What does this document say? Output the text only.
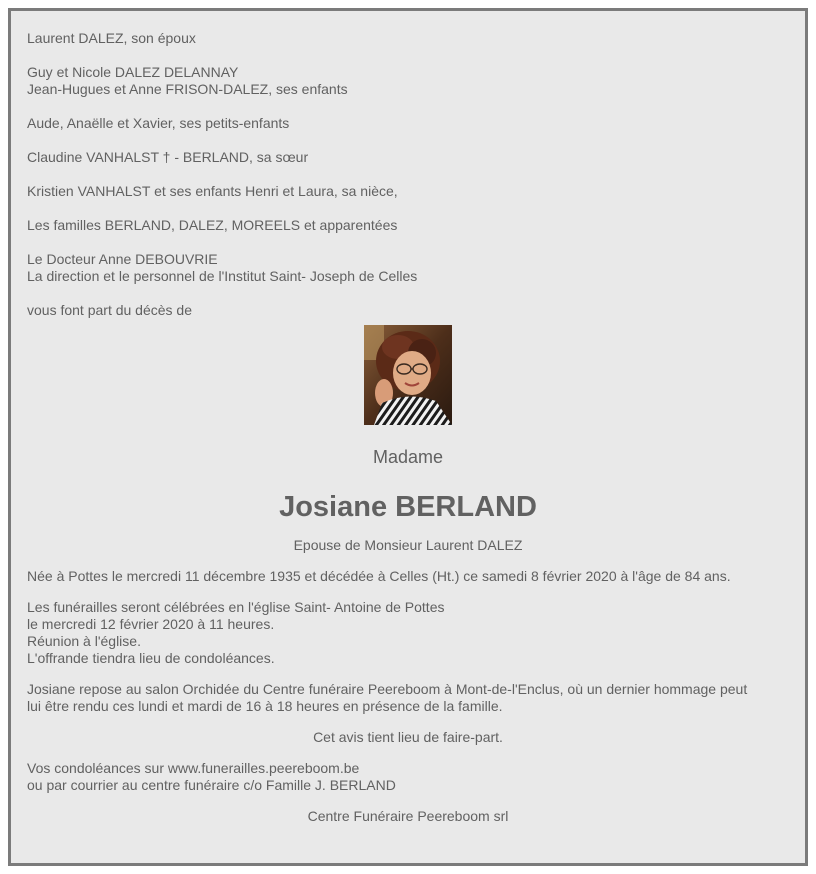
Laurent DALEZ, son époux
Guy et Nicole DALEZ DELANNAY
Jean-Hugues et Anne FRISON-DALEZ, ses enfants
Aude, Anaëlle et Xavier, ses petits-enfants
Claudine VANHALST † - BERLAND, sa sœur
Kristien VANHALST et ses enfants Henri et Laura, sa nièce,
Les familles BERLAND, DALEZ, MOREELS et apparentées
Le Docteur Anne DEBOUVRIE
La direction et le personnel de l'Institut Saint- Joseph de Celles
vous font part du décès de
Madame
Josiane BERLAND
Epouse de Monsieur Laurent DALEZ
Née à Pottes le mercredi 11 décembre 1935 et décédée à Celles (Ht.) ce samedi 8 février 2020 à l'âge de 84 ans.
Les funérailles seront célébrées en l'église Saint- Antoine de Pottes
le mercredi 12 février 2020 à 11 heures.
Réunion à l'église.
L'offrande tiendra lieu de condoléances.
Josiane repose au salon Orchidée du Centre funéraire Peereboom à Mont-de-l'Enclus, où un dernier hommage peut
lui être rendu ces lundi et mardi de 16 à 18 heures en présence de la famille.
Cet avis tient lieu de faire-part.
Vos condoléances sur www.funerailles.peereboom.be
ou par courrier au centre funéraire c/o Famille J. BERLAND
Centre Funéraire Peereboom srl
